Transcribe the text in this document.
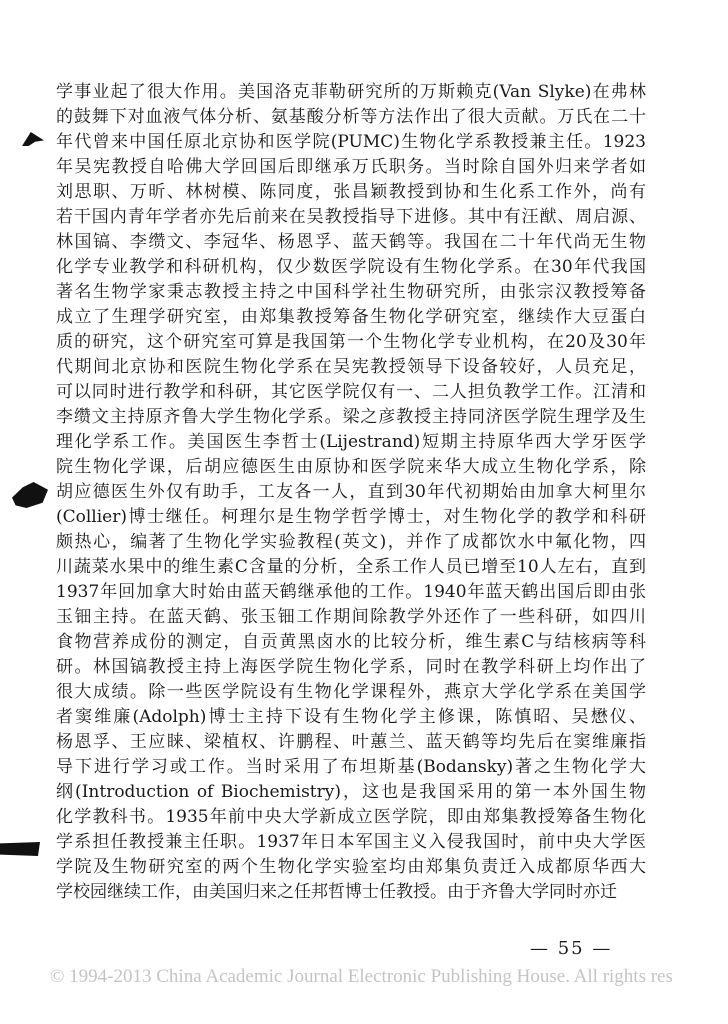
学事业起了很大作用。美国洛克菲勒研究所的万斯赖克(Van Slyke)在弗林
的鼓舞下对血液气体分析、氨基酸分析等方法作出了很大贡献。万氏在二十
年代曾来中国任原北京协和医学院(PUMC)生物化学系教授兼主任。1923
年吴宪教授自哈佛大学回国后即继承万氏职务。当时除自国外归来学者如
刘思职、万昕、林树模、陈同度，张昌颖教授到协和生化系工作外，尚有
若干国内青年学者亦先后前来在吴教授指导下进修。其中有汪猷、周启源、
林国镐、李缵文、李冠华、杨恩孚、蓝天鹤等。我国在二十年代尚无生物
化学专业教学和科研机构，仅少数医学院设有生物化学系。在30年代我国
著名生物学家秉志教授主持之中国科学社生物研究所，由张宗汉教授筹备
成立了生理学研究室，由郑集教授筹备生物化学研究室，继续作大豆蛋白
质的研究，这个研究室可算是我国第一个生物化学专业机构，在20及30年
代期间北京协和医院生物化学系在吴宪教授领导下设备较好，人员充足，
可以同时进行教学和科研，其它医学院仅有一、二人担负教学工作。江清和
李缵文主持原齐鲁大学生物化学系。梁之彦教授主持同济医学院生理学及生
理化学系工作。美国医生李哲士(Lijestrand)短期主持原华西大学牙医学
院生物化学课，后胡应德医生由原协和医学院来华大成立生物化学系，除
胡应德医生外仅有助手，工友各一人，直到30年代初期始由加拿大柯里尔
(Collier)博士继任。柯理尔是生物学哲学博士，对生物化学的教学和科研
颇热心，编著了生物化学实验教程(英文)，并作了成都饮水中氟化物，四
川蔬菜水果中的维生素C含量的分析，全系工作人员已增至10人左右，直到
1937年回加拿大时始由蓝天鹤继承他的工作。1940年蓝天鹤出国后即由张
玉钿主持。在蓝天鹤、张玉钿工作期间除教学外还作了一些科研，如四川
食物营养成份的测定，自贡黄黑卤水的比较分析，维生素C与结核病等科
研。林国镐教授主持上海医学院生物化学系，同时在教学科研上均作出了
很大成绩。除一些医学院设有生物化学课程外，燕京大学化学系在美国学
者窦维廉(Adolph)博士主持下设有生物化学主修课，陈慎昭、吴懋仪、
杨恩孚、王应睐、梁植权、许鹏程、叶蕙兰、蓝天鹤等均先后在窦维廉指
导下进行学习或工作。当时采用了布坦斯基(Bodansky)著之生物化学大
纲(Introduction of Biochemistry)，这也是我国采用的第一本外国生物
化学教科书。1935年前中央大学新成立医学院，即由郑集教授筹备生物化
学系担任教授兼主任职。1937年日本军国主义入侵我国时，前中央大学医
学院及生物研究室的两个生物化学实验室均由郑集负责迁入成都原华西大
学校园继续工作，由美国归来之任邦哲博士任教授。由于齐鲁大学同时亦迁
— 55 —
© 1994-2013 China Academic Journal Electronic Publishing House. All rights res
